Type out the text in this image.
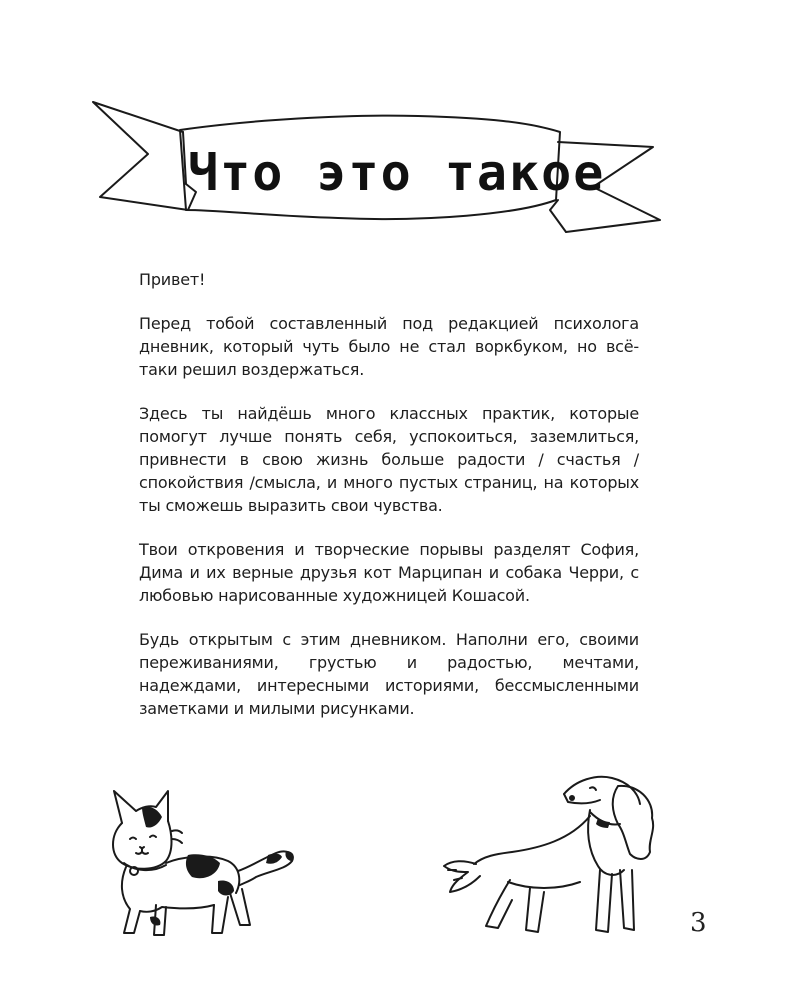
Что это такое

Привет!

Перед тобой составленный под редакцией психолога дневник, который чуть было не стал воркбуком, но всё-таки решил воздержаться.

Здесь ты найдёшь много классных практик, которые помогут лучше понять себя, успокоиться, заземлиться, привнести в свою жизнь больше радости / счастья / спокойствия /смысла, и много пустых страниц, на которых ты сможешь выразить свои чувства.

Твои откровения и творческие порывы разделят София, Дима и их верные друзья кот Марципан и собака Черри, с любовью нарисованные художницей Кошасой.

Будь открытым с этим дневником. Наполни его, своими переживаниями, грустью и радостью, мечтами, надеждами, интересными историями, бессмысленными заметками и милыми рисунками.

3
